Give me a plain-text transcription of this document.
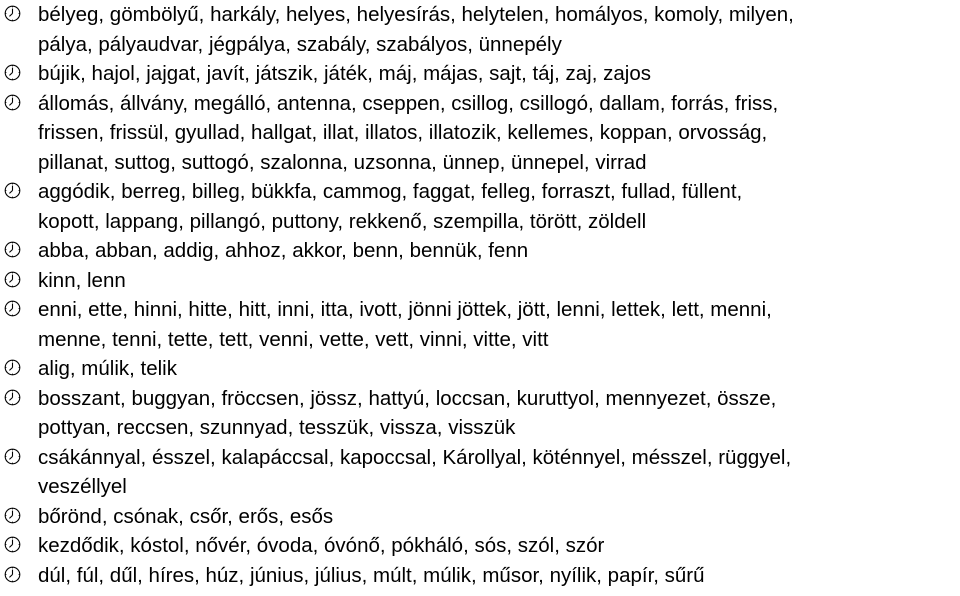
bélyeg, gömbölyű, harkály, helyes, helyesírás, helytelen, homályos, komoly, milyen,
pálya, pályaudvar, jégpálya, szabály, szabályos, ünnepély
bújik, hajol, jajgat, javít, játszik, játék, máj, májas, sajt, táj, zaj, zajos
állomás, állvány, megálló, antenna, cseppen, csillog, csillogó, dallam, forrás, friss,
frissen, frissül, gyullad, hallgat, illat, illatos, illatozik, kellemes, koppan, orvosság,
pillanat, suttog, suttogó, szalonna, uzsonna, ünnep, ünnepel, virrad
aggódik, berreg, billeg, bükkfa, cammog, faggat, felleg, forraszt, fullad, füllent,
kopott, lappang, pillangó, puttony, rekkenő, szempilla, törött, zöldell
abba, abban, addig, ahhoz, akkor, benn, bennük, fenn
kinn, lenn
enni, ette, hinni, hitte, hitt, inni, itta, ivott, jönni jöttek, jött, lenni, lettek, lett, menni,
menne, tenni, tette, tett, venni, vette, vett, vinni, vitte, vitt
alig, múlik, telik
bosszant, buggyan, fröccsen, jössz, hattyú, loccsan, kuruttyol, mennyezet, össze,
pottyan, reccsen, szunnyad, tesszük, vissza, visszük
csákánnyal, ésszel, kalapáccsal, kapoccsal, Károllyal, köténnyel, mésszel, rüggyel,
veszéllyel
bőrönd, csónak, csőr, erős, esős
kezdődik, kóstol, nővér, óvoda, óvónő, pókháló, sós, szól, szór
dúl, fúl, dűl, híres, húz, június, július, múlt, múlik, műsor, nyílik, papír, sűrű
